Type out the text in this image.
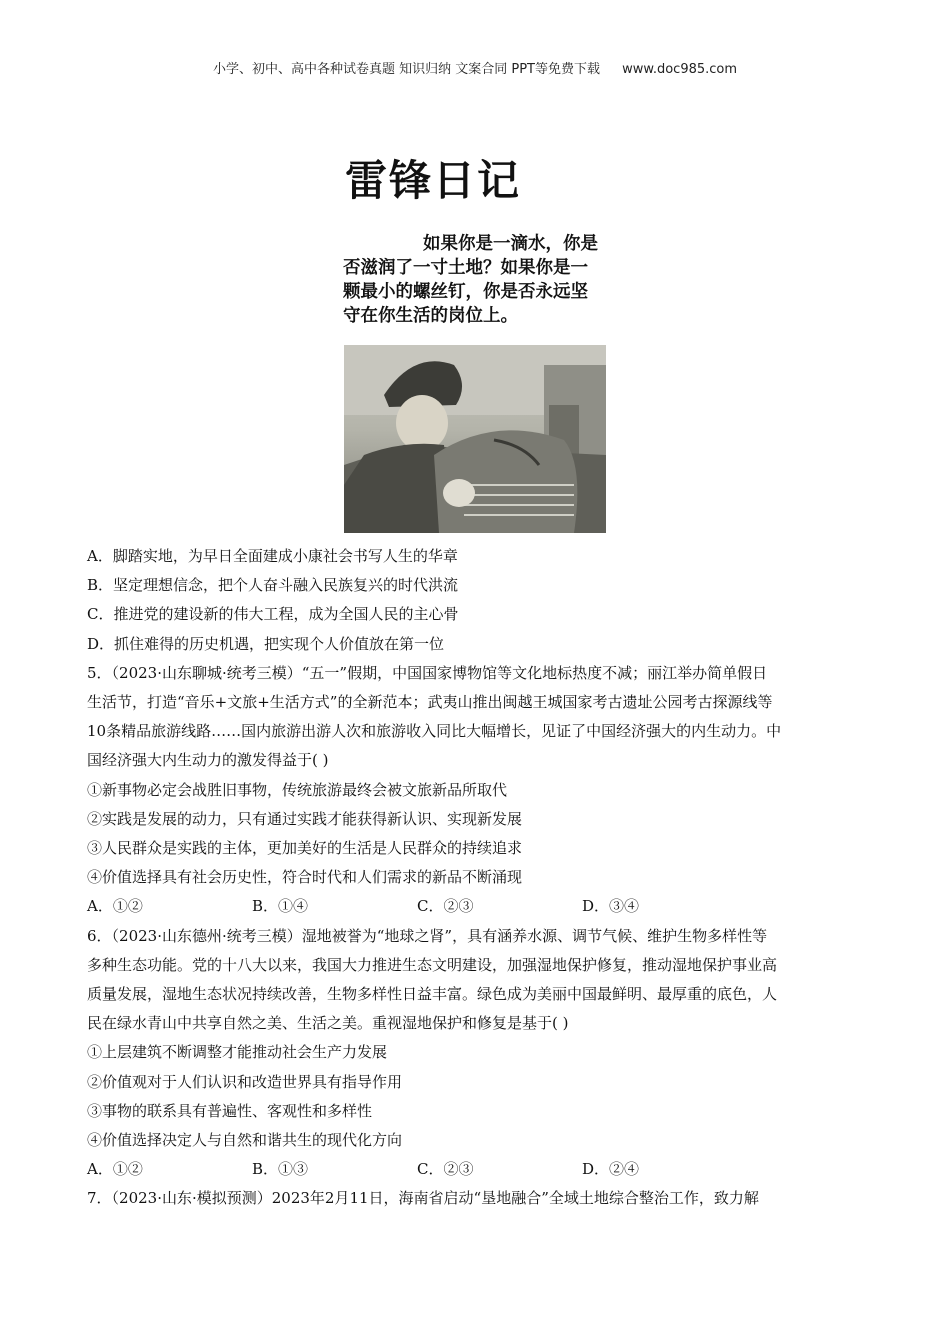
小学、初中、高中各种试卷真题 知识归纳 文案合同 PPT等免费下载 www.doc985.com
雷锋日记
如果你是一滴水，你是
否滋润了一寸土地？如果你是一
颗最小的螺丝钉，你是否永远坚
守在你生活的岗位上。

A．脚踏实地，为早日全面建成小康社会书写人生的华章

B．坚定理想信念，把个人奋斗融入民族复兴的时代洪流

C．推进党的建设新的伟大工程，成为全国人民的主心骨

D．抓住难得的历史机遇，把实现个人价值放在第一位

5．（2023·山东聊城·统考三模）“五一”假期，中国国家博物馆等文化地标热度不减；丽江举办简单假日

生活节，打造“音乐+文旅+生活方式”的全新范本；武夷山推出闽越王城国家考古遗址公园考古探源线等

10条精品旅游线路……国内旅游出游人次和旅游收入同比大幅增长，见证了中国经济强大的内生动力。中

国经济强大内生动力的激发得益于( )

①新事物必定会战胜旧事物，传统旅游最终会被文旅新品所取代

②实践是发展的动力，只有通过实践才能获得新认识、实现新发展

③人民群众是实践的主体，更加美好的生活是人民群众的持续追求

④价值选择具有社会历史性，符合时代和人们需求的新品不断涌现

A．①②	B．①④	C．②③	D．③④

6．（2023·山东德州·统考三模）湿地被誉为“地球之肾”，具有涵养水源、调节气候、维护生物多样性等

多种生态功能。党的十八大以来，我国大力推进生态文明建设，加强湿地保护修复，推动湿地保护事业高

质量发展，湿地生态状况持续改善，生物多样性日益丰富。绿色成为美丽中国最鲜明、最厚重的底色，人

民在绿水青山中共享自然之美、生活之美。重视湿地保护和修复是基于( )

①上层建筑不断调整才能推动社会生产力发展

②价值观对于人们认识和改造世界具有指导作用

③事物的联系具有普遍性、客观性和多样性

④价值选择决定人与自然和谐共生的现代化方向

A．①②	B．①③	C．②③	D．②④

7．（2023·山东·模拟预测）2023年2月11日，海南省启动“垦地融合”全域土地综合整治工作，致力解
